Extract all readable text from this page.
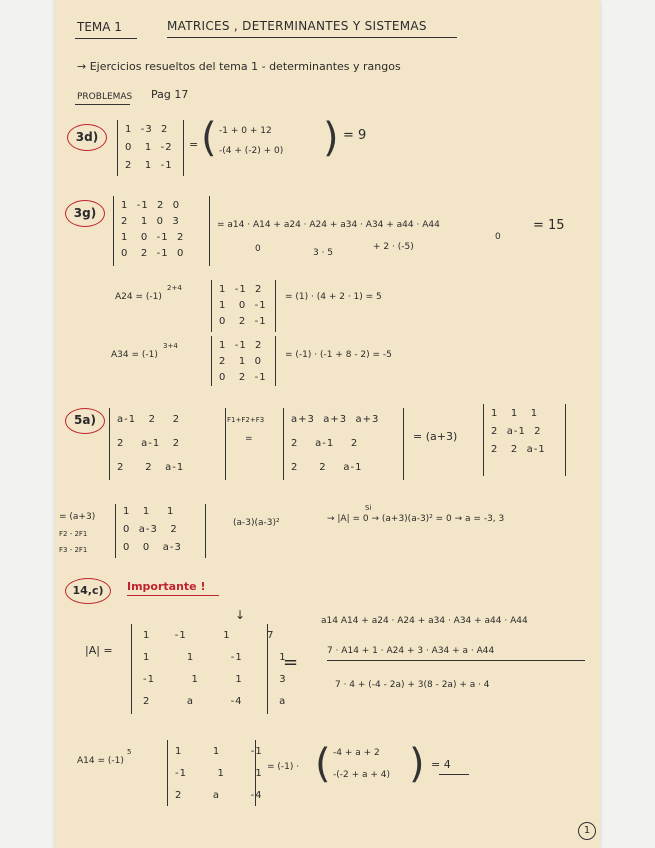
TEMA 1	MATRICES , DETERMINANTES Y SISTEMAS
→ Ejercicios resueltos del tema 1 - determinantes y rangos
PROBLEMAS Pag 17
3d)
1  -3  2
0   1  -2
2   1  -1
= ( -1 + 0 + 12
-(4 + (-2) + 0) ) = 9
3g)
1  -1  2  0
2   1  0  3
1   0  -1  2
0   2  -1  0
= a14 · A14 + a24 · A24 + a34 · A34 + a44 · A44
0	3 · 5
+ 2 · (-5)
0
= 15
A24 = (-1)
2+4	1  -1  2
1   0  -1
0   2  -1
= (1) · (4 + 2 · 1) = 5
A34 = (-1)
3+4	1  -1  2
2   1  0
0   2  -1
= (-1) · (-1 + 8 - 2) = -5
5a)	a-1   2    2
2    a-1   2
2     2   a-1
F1+F2+F3
=
a+3  a+3  a+3
2    a-1    2
2     2    a-1
= (a+3)
1   1   1
2  a-1  2
2   2  a-1
= (a+3)
F2 - 2F1
F3 - 2F1
1   1    1
0  a-3   2
0   0   a-3
(a-3)(a-3)²
Si
→ |A| = 0 → (a+3)(a-3)² = 0 → a = -3, 3
14,c)	Importante !
↓
|A| =
1  -1   1   7
1   1   -1   1
-1   1   1   3
2   a   -4   a
=
a14 A14 + a24 · A24 + a34 · A34 + a44 · A44
7 · A14 + 1 · A24 + 3 · A34 + a · A44
7 · 4 + (-4 - 2a) + 3(8 - 2a) + a · 4
A14 = (-1)
5	1   1   -1
-1   1   1
2   a   -4
= (-1) · ( -4 + a + 2
-(-2 + a + 4) ) = 4
1
